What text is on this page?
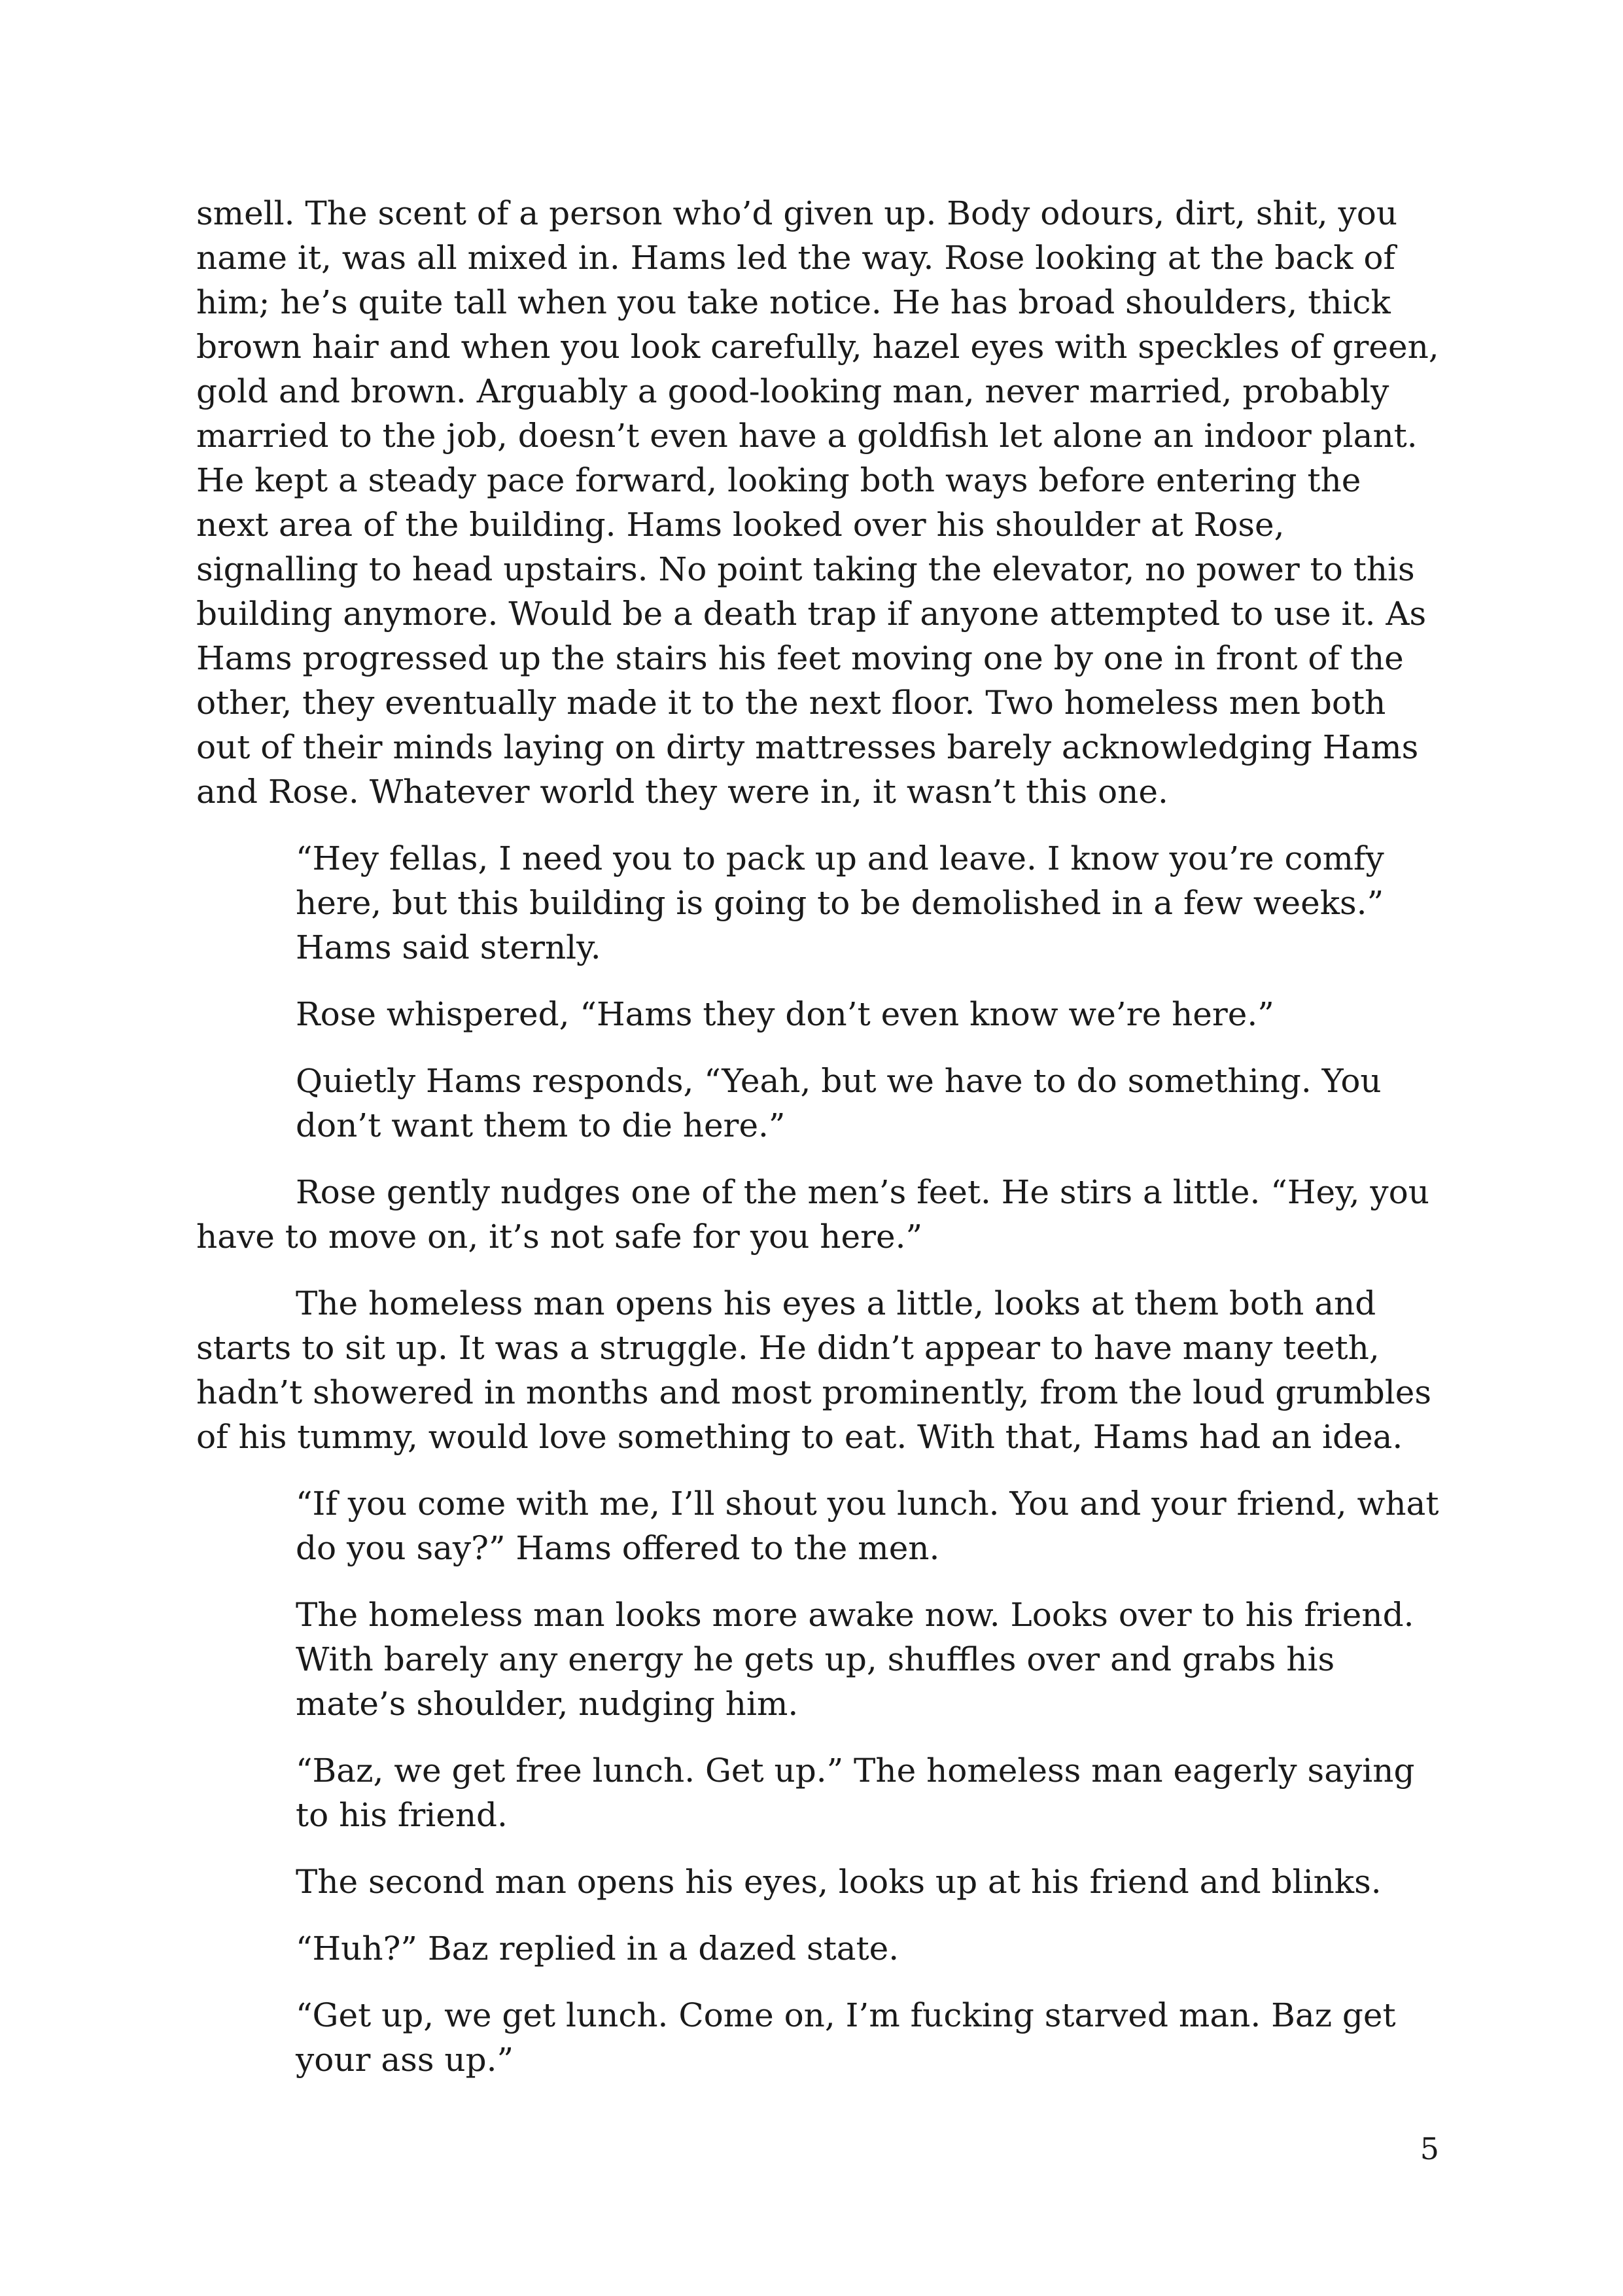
smell. The scent of a person who’d given up. Body odours, dirt, shit, you name it, was all mixed in. Hams led the way. Rose looking at the back of him; he’s quite tall when you take notice. He has broad shoulders, thick brown hair and when you look carefully, hazel eyes with speckles of green, gold and brown. Arguably a good-looking man, never married, probably married to the job, doesn’t even have a goldfish let alone an indoor plant. He kept a steady pace forward, looking both ways before entering the next area of the building. Hams looked over his shoulder at Rose, signalling to head upstairs. No point taking the elevator, no power to this building anymore. Would be a death trap if anyone attempted to use it. As Hams progressed up the stairs his feet moving one by one in front of the other, they eventually made it to the next floor. Two homeless men both out of their minds laying on dirty mattresses barely acknowledging Hams and Rose. Whatever world they were in, it wasn’t this one.

“Hey fellas, I need you to pack up and leave. I know you’re comfy here, but this building is going to be demolished in a few weeks.” Hams said sternly.

Rose whispered, “Hams they don’t even know we’re here.”

Quietly Hams responds, “Yeah, but we have to do something. You don’t want them to die here.”

Rose gently nudges one of the men’s feet. He stirs a little. “Hey, you have to move on, it’s not safe for you here.”

The homeless man opens his eyes a little, looks at them both and starts to sit up. It was a struggle. He didn’t appear to have many teeth, hadn’t showered in months and most prominently, from the loud grumbles of his tummy, would love something to eat. With that, Hams had an idea.

“If you come with me, I’ll shout you lunch. You and your friend, what do you say?” Hams offered to the men.

The homeless man looks more awake now. Looks over to his friend. With barely any energy he gets up, shuffles over and grabs his mate’s shoulder, nudging him.

“Baz, we get free lunch. Get up.” The homeless man eagerly saying to his friend.

The second man opens his eyes, looks up at his friend and blinks.

“Huh?” Baz replied in a dazed state.

“Get up, we get lunch. Come on, I’m fucking starved man. Baz get your ass up.”

5
